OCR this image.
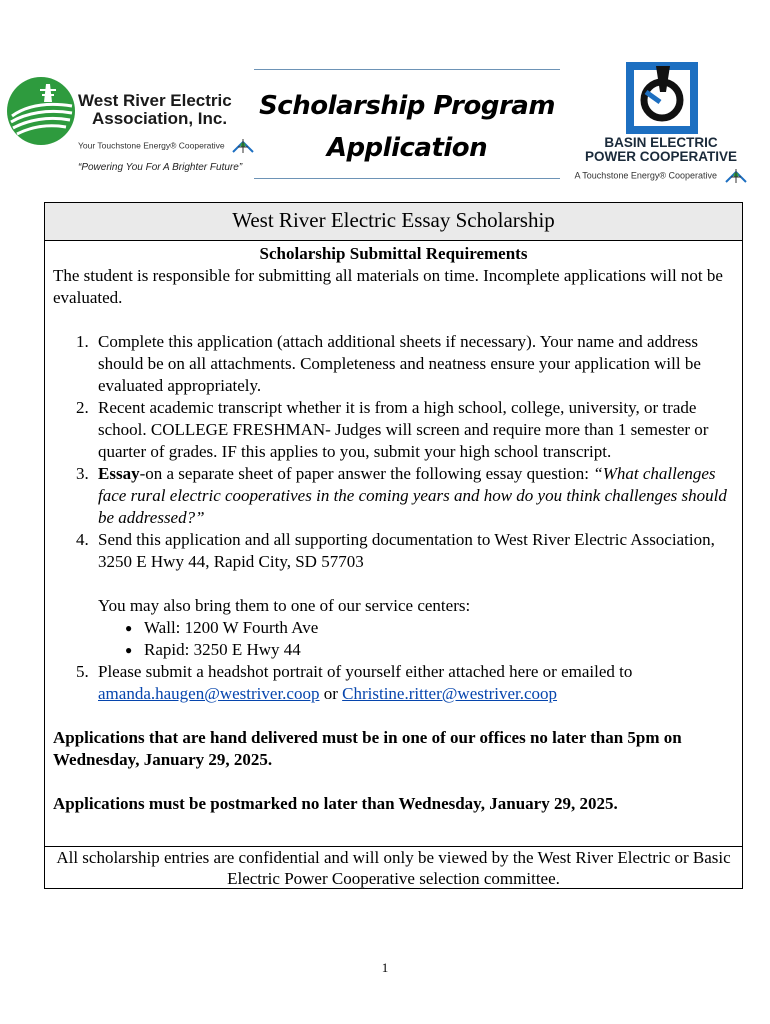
West River Electric
Association, Inc.
Your Touchstone Energy® Cooperative
“Powering You For A Brighter Future”
Scholarship Program
Application	BASIN ELECTRIC
POWER COOPERATIVE
A Touchstone Energy® Cooperative
West River Electric Essay Scholarship
Scholarship Submittal Requirements

The student is responsible for submitting all materials on time. Incomplete applications will not be evaluated.

1. Complete this application (attach additional sheets if necessary). Your name and address should be on all attachments. Completeness and neatness ensure your application will be evaluated appropriately.
2. Recent academic transcript whether it is from a high school, college, university, or trade school. COLLEGE FRESHMAN- Judges will screen and require more than 1 semester or quarter of grades. IF this applies to you, submit your high school transcript.
3. Essay-on a separate sheet of paper answer the following essay question: “What challenges face rural electric cooperatives in the coming years and how do you think challenges should be addressed?”
4. Send this application and all supporting documentation to West River Electric Association, 3250 E Hwy 44, Rapid City, SD 57703
You may also bring them to one of our service centers:
● Wall: 1200 W Fourth Ave
● Rapid: 3250 E Hwy 44
5. Please submit a headshot portrait of yourself either attached here or emailed to amanda.haugen@westriver.coop or Christine.ritter@westriver.coop

Applications that are hand delivered must be in one of our offices no later than 5pm on Wednesday, January 29, 2025.

Applications must be postmarked no later than Wednesday, January 29, 2025.

All scholarship entries are confidential and will only be viewed by the West River Electric or Basic Electric Power Cooperative selection committee.
1
